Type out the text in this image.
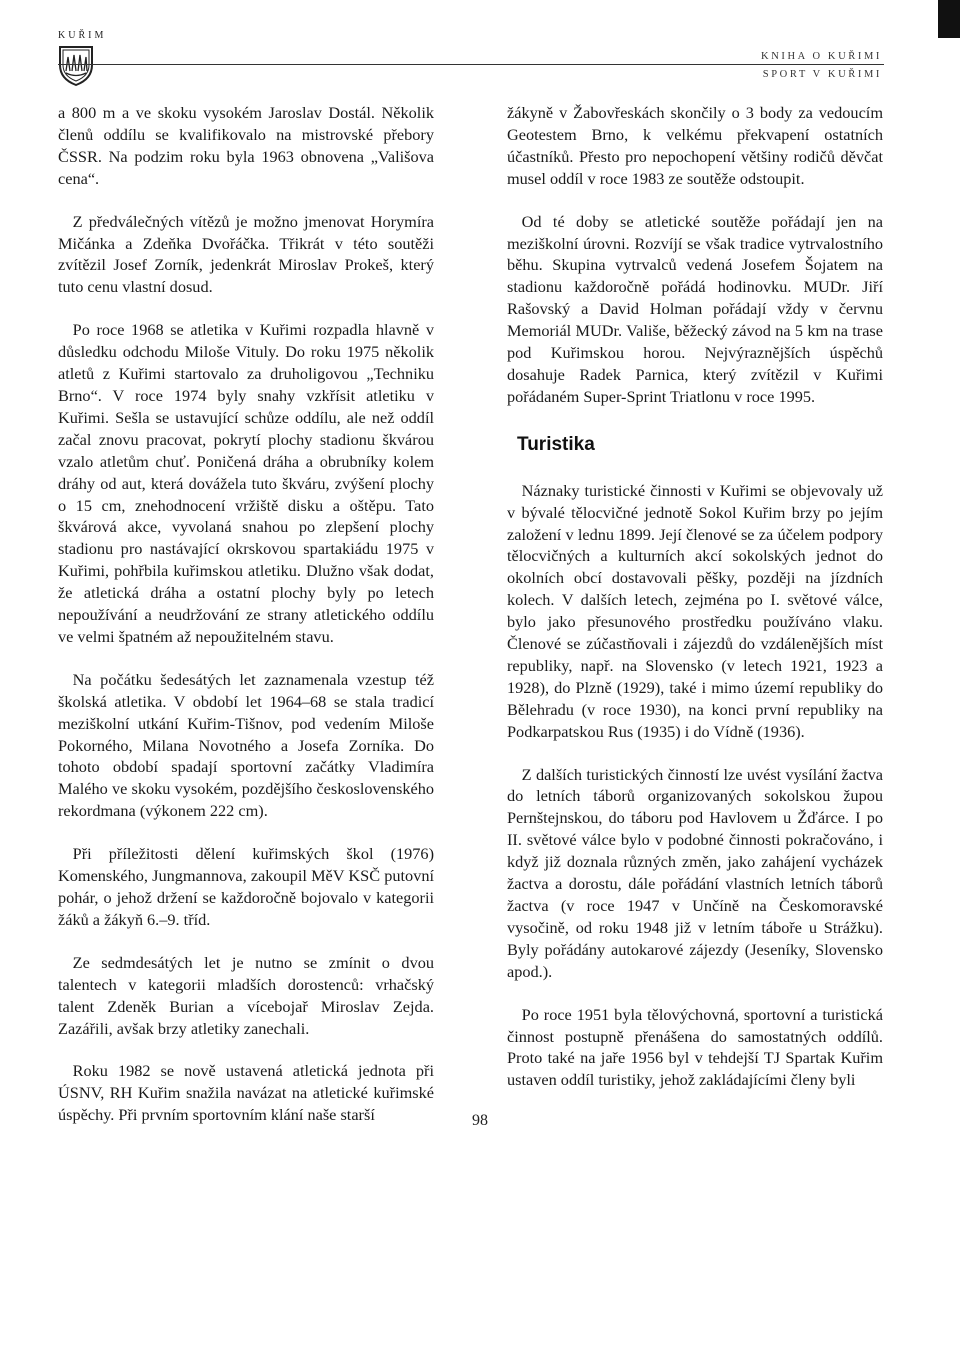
KUŘIM
KNIHA O KUŘIMI
SPORT V KUŘIMI

a 800 m a ve skoku vysokém Jaroslav Dostál. Několik členů oddílu se kvalifikovalo na mistrovské přebory ČSSR. Na podzim roku byla 1963 obnovena „Vališova cena“.

Z předválečných vítězů je možno jmenovat Horymíra Mičánka a Zdeňka Dvořáčka. Třikrát v této soutěži zvítězil Josef Zorník, jedenkrát Miroslav Prokeš, který tuto cenu vlastní dosud.

Po roce 1968 se atletika v Kuřimi rozpadla hlavně v důsledku odchodu Miloše Vituly. Do roku 1975 několik atletů z Kuřimi startovalo za druholigovou „Techniku Brno“. V roce 1974 byly snahy vzkřísit atletiku v Kuřimi. Sešla se ustavující schůze oddílu, ale než oddíl začal znovu pracovat, pokrytí plochy stadionu škvárou vzalo atletům chuť. Poničená dráha a obrubníky kolem dráhy od aut, která dovážela tuto škváru, zvýšení plochy o 15 cm, znehodnocení vržiště disku a oštěpu. Tato škvárová akce, vyvolaná snahou po zlepšení plochy stadionu pro nastávající okrskovou spartakiádu 1975 v Kuřimi, pohřbila kuřimskou atletiku. Dlužno však dodat, že atletická dráha a ostatní plochy byly po letech nepoužívání a neudržování ze strany atletického oddílu ve velmi špatném až nepoužitelném stavu.

Na počátku šedesátých let zaznamenala vzestup též školská atletika. V období let 1964–68 se stala tradicí meziškolní utkání Kuřim-Tišnov, pod vedením Miloše Pokorného, Milana Novotného a Josefa Zorníka. Do tohoto období spadají sportovní začátky Vladimíra Malého ve skoku vysokém, pozdějšího československého rekordmana (výkonem 222 cm).

Při příležitosti dělení kuřimských škol (1976) Komenského, Jungmannova, zakoupil MěV KSČ putovní pohár, o jehož držení se každoročně bojovalo v kategorii žáků a žákyň 6.–9. tříd.

Ze sedmdesátých let je nutno se zmínit o dvou talentech v kategorii mladších dorostenců: vrhačský talent Zdeněk Burian a vícebojař Miroslav Zejda. Zazářili, avšak brzy atletiky zanechali.

Roku 1982 se nově ustavená atletická jednota při ÚSNV, RH Kuřim snažila navázat na atletické kuřimské úspěchy. Při prvním sportovním klání naše starší

žákyně v Žabovřeskách skončily o 3 body za vedoucím Geotestem Brno, k velkému překvapení ostatních účastníků. Přesto pro nepochopení většiny rodičů děvčat musel oddíl v roce 1983 ze soutěže odstoupit.

Od té doby se atletické soutěže pořádají jen na meziškolní úrovni. Rozvíjí se však tradice vytrvalostního běhu. Skupina vytrvalců vedená Josefem Šojatem na stadionu každoročně pořádá hodinovku. MUDr. Jiří Rašovský a David Holman pořádají vždy v červnu Memoriál MUDr. Vališe, běžecký závod na 5 km na trase pod Kuřimskou horou. Nejvýraznějších úspěchů dosahuje Radek Parnica, který zvítězil v Kuřimi pořádaném Super-Sprint Triatlonu v roce 1995.

Turistika

Náznaky turistické činnosti v Kuřimi se objevovaly už v bývalé tělocvičné jednotě Sokol Kuřim brzy po jejím založení v lednu 1899. Její členové se za účelem podpory tělocvičných a kulturních akcí sokolských jednot do okolních obcí dostavovali pěšky, později na jízdních kolech. V dalších letech, zejména po I. světové válce, bylo jako přesunového prostředku používáno vlaku. Členové se zúčastňovali i zájezdů do vzdálenějších míst republiky, např. na Slovensko (v letech 1921, 1923 a 1928), do Plzně (1929), také i mimo území republiky do Bělehradu (v roce 1930), na konci první republiky na Podkarpatskou Rus (1935) i do Vídně (1936).

Z dalších turistických činností lze uvést vysílání žactva do letních táborů organizovaných sokolskou župou Pernštejnskou, do táboru pod Havlovem u Žďárce. I po II. světové válce bylo v podobné činnosti pokračováno, i když již doznala různých změn, jako zahájení vycházek žactva a dorostu, dále pořádání vlastních letních táborů žactva (v roce 1947 v Unčíně na Českomoravské vysočině, od roku 1948 již v letním táboře u Strážku). Byly pořádány autokarové zájezdy (Jeseníky, Slovensko apod.).

Po roce 1951 byla tělovýchovná, sportovní a turistická činnost postupně přenášena do samostatných oddílů. Proto také na jaře 1956 byl v tehdejší TJ Spartak Kuřim ustaven oddíl turistiky, jehož zakládajícími členy byli

98
